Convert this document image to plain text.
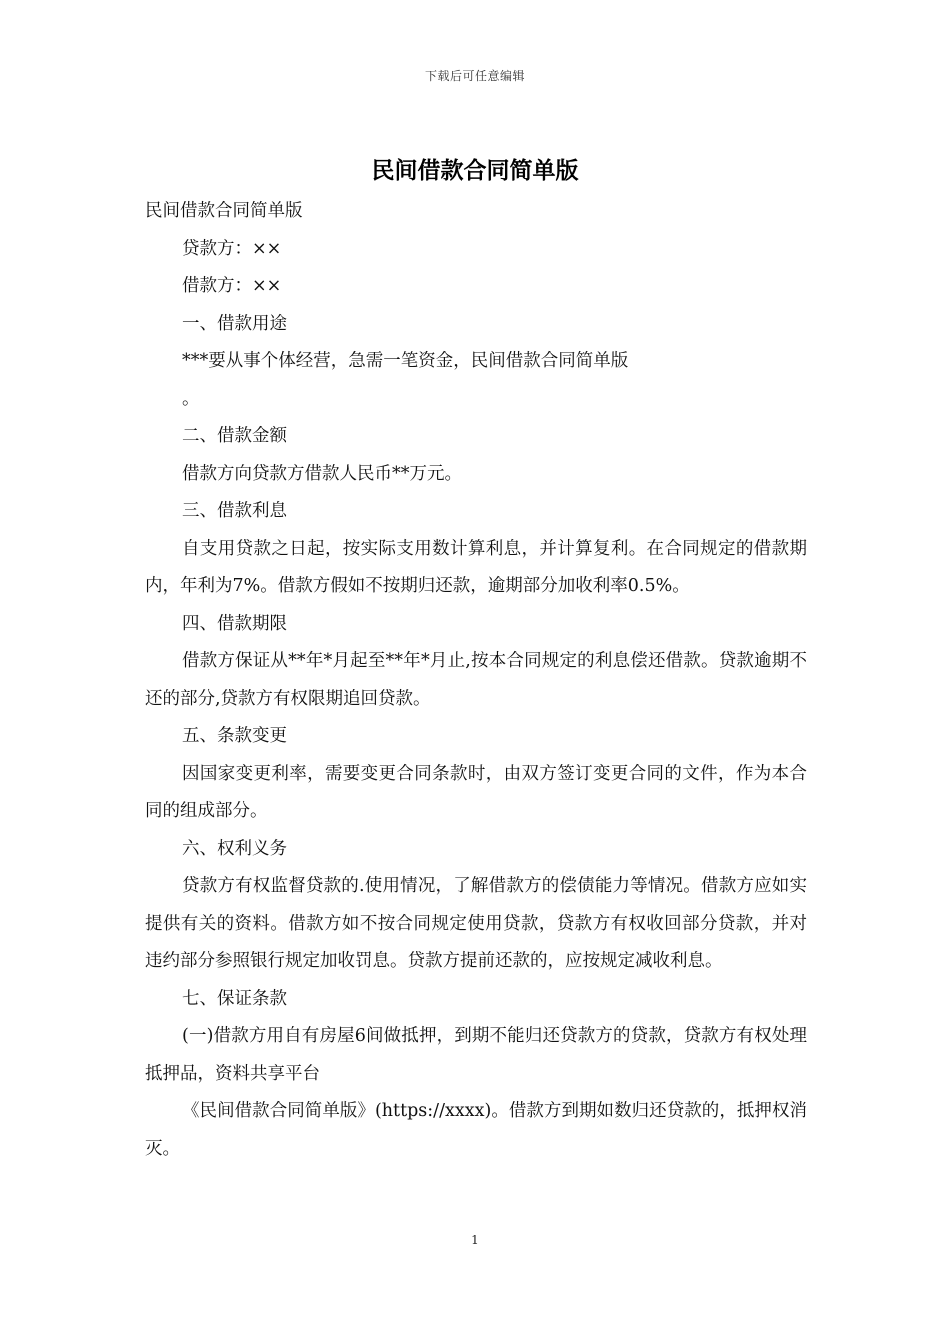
下载后可任意编辑
民间借款合同简单版

民间借款合同简单版

贷款方：××

借款方：××

一、借款用途

***要从事个体经营，急需一笔资金，民间借款合同简单版

。

二、借款金额

借款方向贷款方借款人民币**万元。

三、借款利息

自支用贷款之日起，按实际支用数计算利息，并计算复利。在合同规定的借款期内，年利为7%。借款方假如不按期归还款，逾期部分加收利率0.5%。

四、借款期限

借款方保证从**年*月起至**年*月止,按本合同规定的利息偿还借款。贷款逾期不还的部分,贷款方有权限期追回贷款。

五、条款变更

因国家变更利率，需要变更合同条款时，由双方签订变更合同的文件，作为本合同的组成部分。

六、权利义务

贷款方有权监督贷款的.使用情况，了解借款方的偿债能力等情况。借款方应如实提供有关的资料。借款方如不按合同规定使用贷款，贷款方有权收回部分贷款，并对违约部分参照银行规定加收罚息。贷款方提前还款的，应按规定减收利息。

七、保证条款

(一)借款方用自有房屋6间做抵押，到期不能归还贷款方的贷款，贷款方有权处理抵押品，资料共享平台

《民间借款合同简单版》(https://xxxx)。借款方到期如数归还贷款的，抵押权消灭。

1
